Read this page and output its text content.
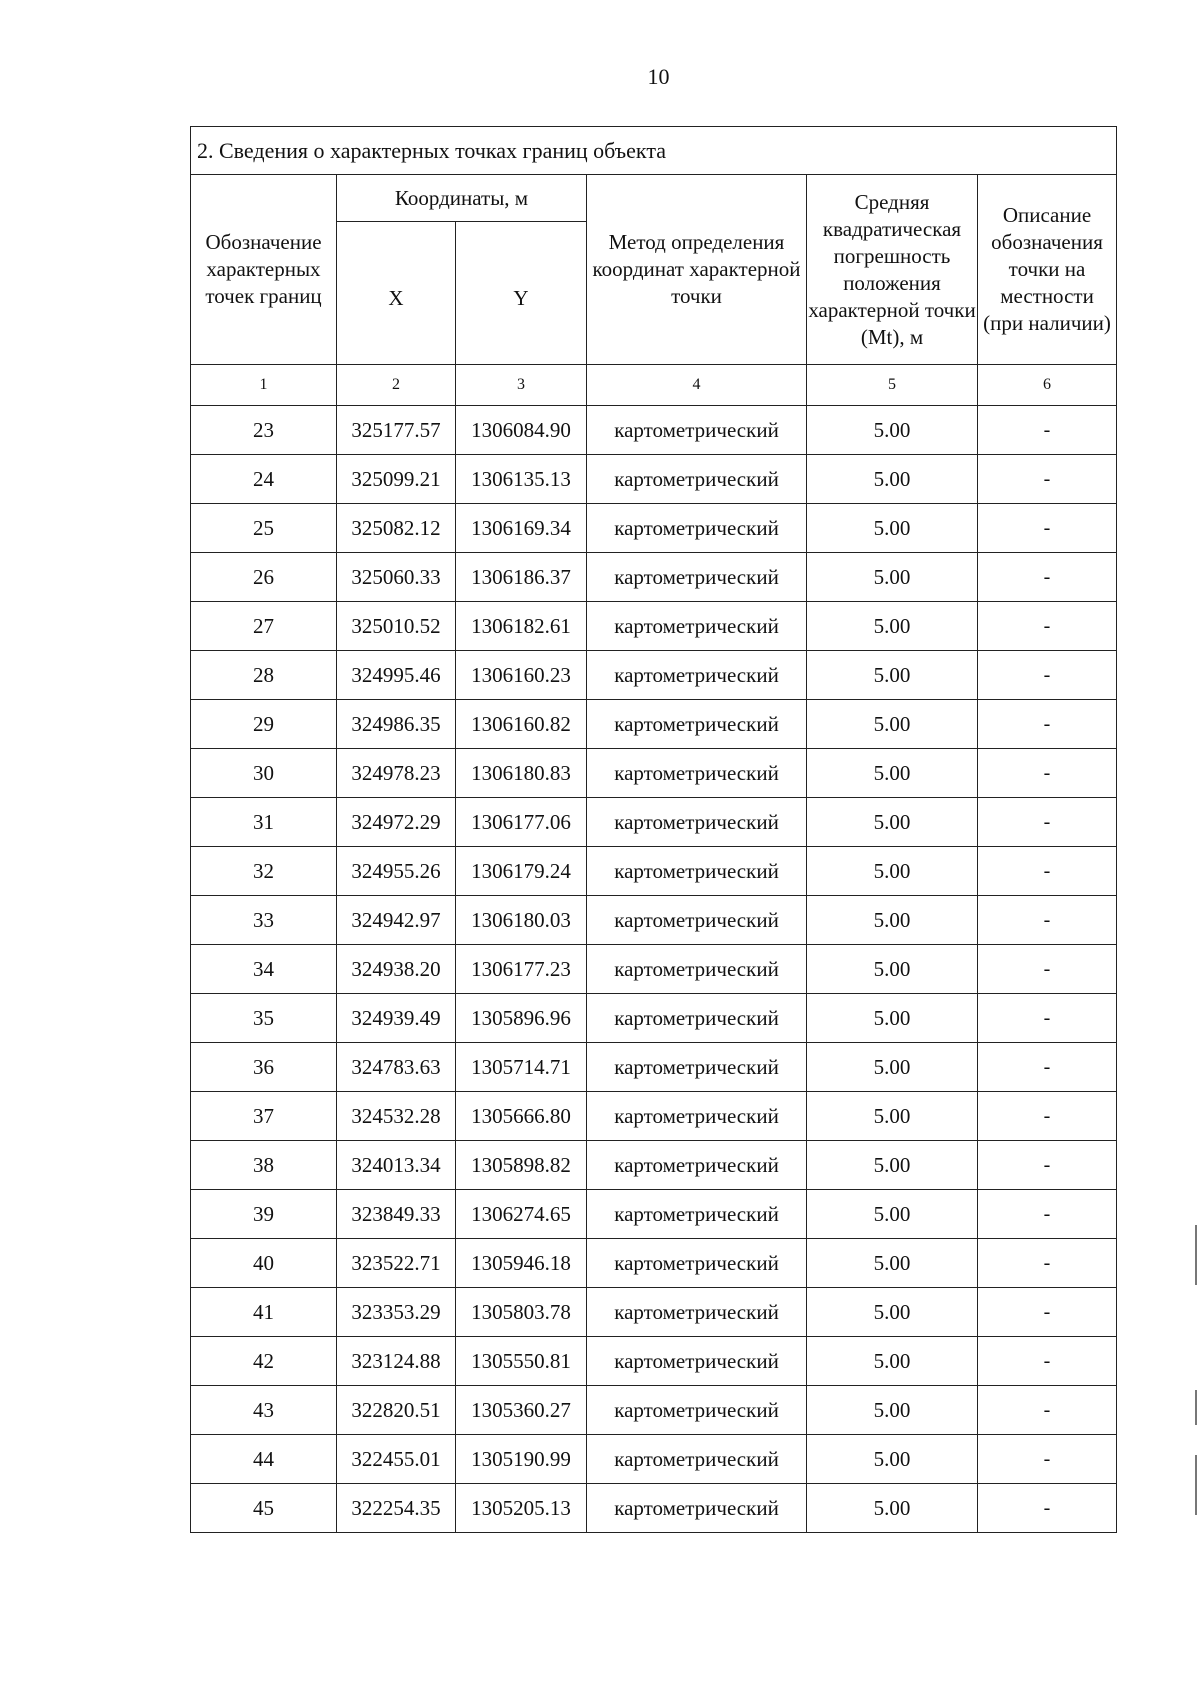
10
2. Сведения о характерных точках границ объекта					
Обозначение характерных точек границ	Координаты, м		Метод определения координат характерной точки	Средняя квадратическая погрешность положения характерной точки (Mt), м	Описание обозначения точки на местности (при наличии)
	X	Y			
1	2	3	4	5	6
23	325177.57	1306084.90	картометрический	5.00	-
24	325099.21	1306135.13	картометрический	5.00	-
25	325082.12	1306169.34	картометрический	5.00	-
26	325060.33	1306186.37	картометрический	5.00	-
27	325010.52	1306182.61	картометрический	5.00	-
28	324995.46	1306160.23	картометрический	5.00	-
29	324986.35	1306160.82	картометрический	5.00	-
30	324978.23	1306180.83	картометрический	5.00	-
31	324972.29	1306177.06	картометрический	5.00	-
32	324955.26	1306179.24	картометрический	5.00	-
33	324942.97	1306180.03	картометрический	5.00	-
34	324938.20	1306177.23	картометрический	5.00	-
35	324939.49	1305896.96	картометрический	5.00	-
36	324783.63	1305714.71	картометрический	5.00	-
37	324532.28	1305666.80	картометрический	5.00	-
38	324013.34	1305898.82	картометрический	5.00	-
39	323849.33	1306274.65	картометрический	5.00	-
40	323522.71	1305946.18	картометрический	5.00	-
41	323353.29	1305803.78	картометрический	5.00	-
42	323124.88	1305550.81	картометрический	5.00	-
43	322820.51	1305360.27	картометрический	5.00	-
44	322455.01	1305190.99	картометрический	5.00	-
45	322254.35	1305205.13	картометрический	5.00	-
